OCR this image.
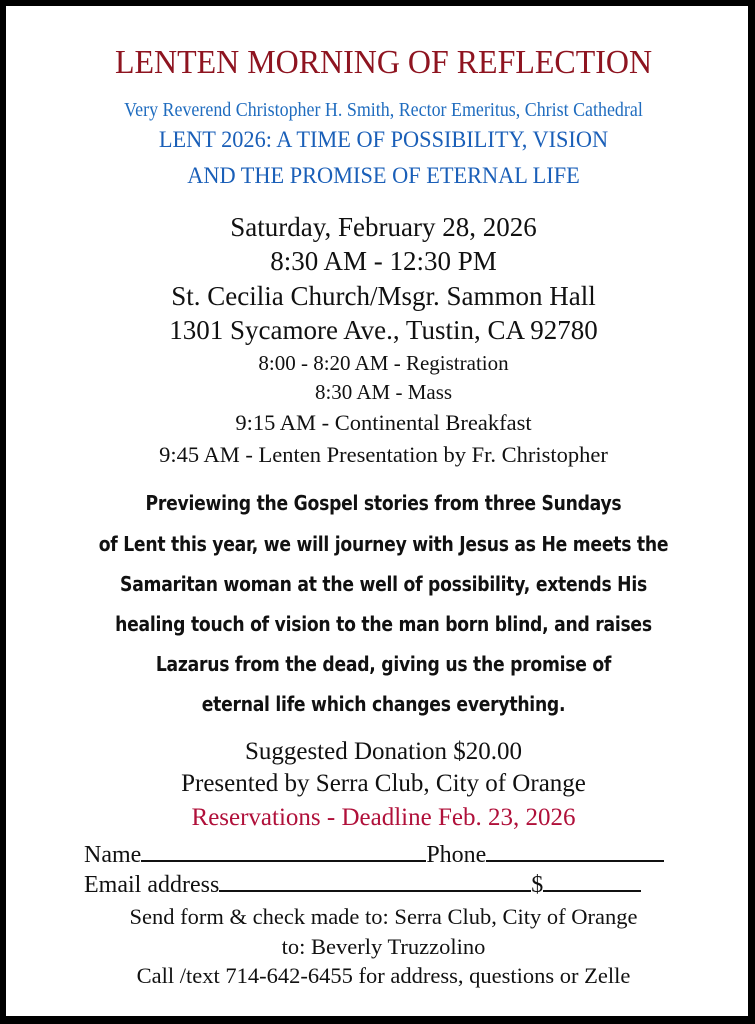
LENTEN MORNING OF REFLECTION
Very Reverend Christopher H. Smith, Rector Emeritus, Christ Cathedral
LENT 2026: A TIME OF POSSIBILITY, VISION
AND THE PROMISE OF ETERNAL LIFE
Saturday, February 28, 2026
8:30 AM - 12:30 PM
St. Cecilia Church/Msgr. Sammon Hall
1301 Sycamore Ave., Tustin, CA 92780
8:00 - 8:20 AM - Registration
8:30 AM - Mass
9:15 AM - Continental Breakfast
9:45 AM - Lenten Presentation by Fr. Christopher
Previewing the Gospel stories from three Sundays
of Lent this year, we will journey with Jesus as He meets the
Samaritan woman at the well of possibility, extends His
healing touch of vision to the man born blind, and raises
Lazarus from the dead, giving us the promise of
eternal life which changes everything.
Suggested Donation $20.00
Presented by Serra Club, City of Orange
Reservations - Deadline Feb. 23, 2026
Name	Phone
Email address	$
Send form & check made to: Serra Club, City of Orange
to: Beverly Truzzolino
Call /text 714-642-6455 for address, questions or Zelle
